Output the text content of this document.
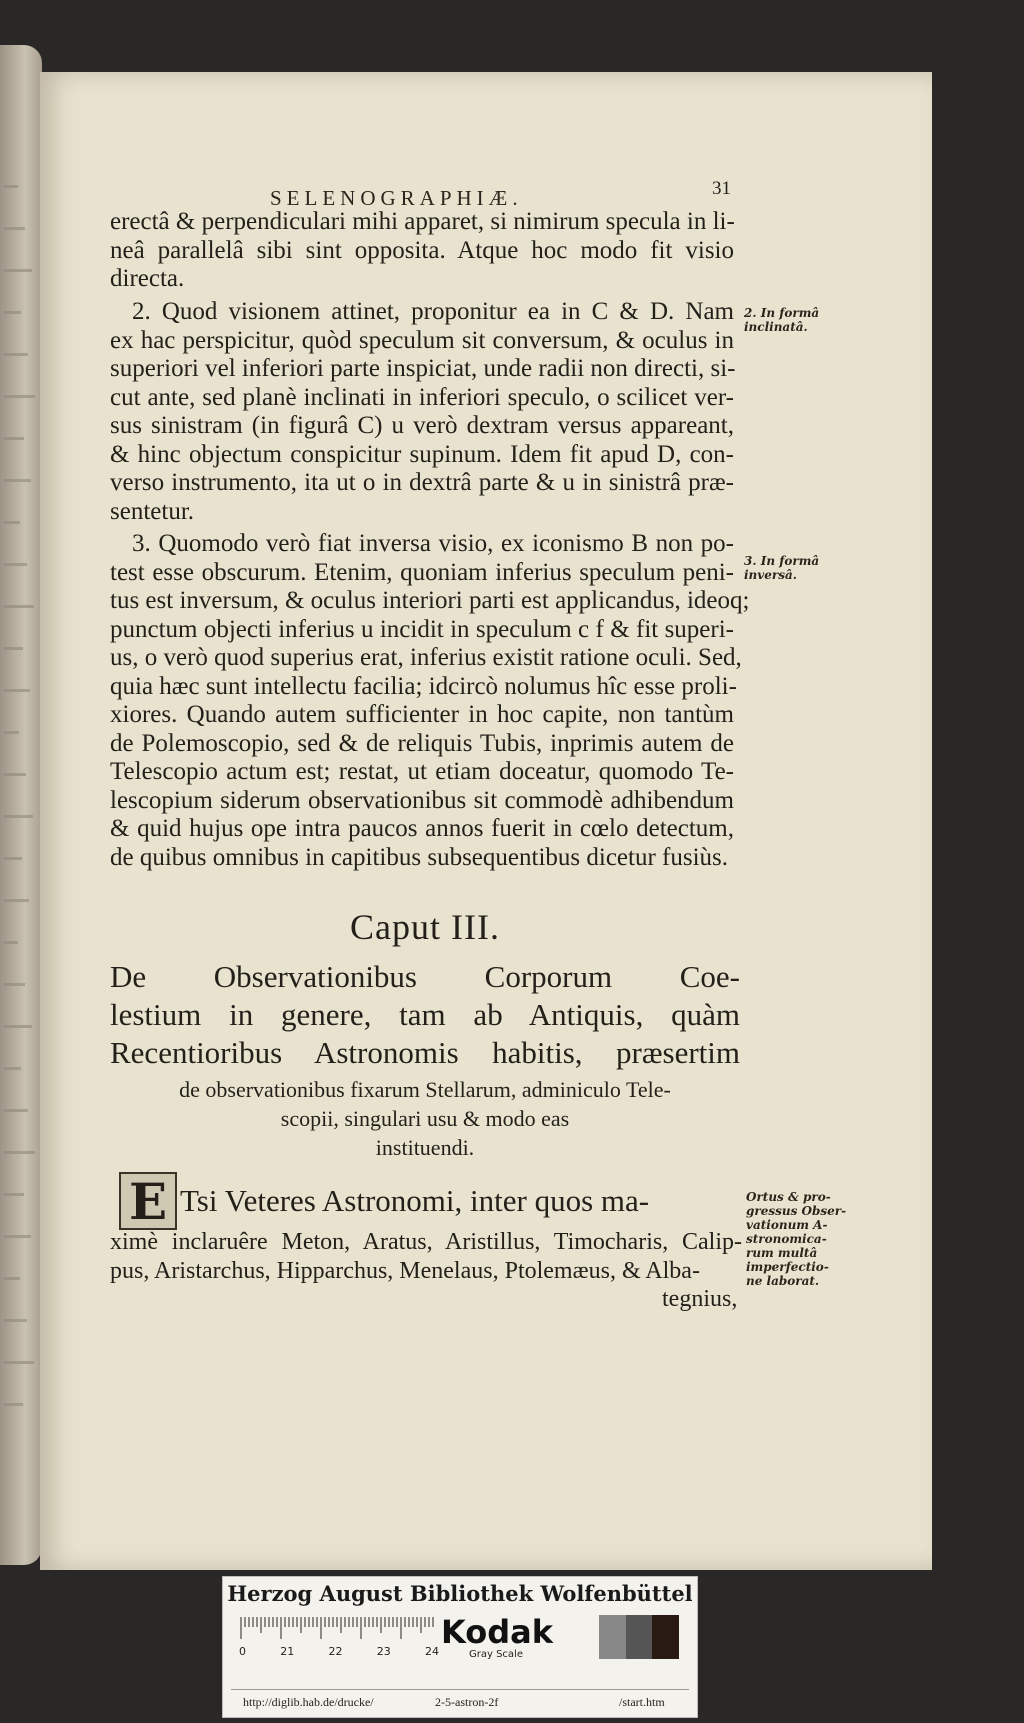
SELENOGRAPHIÆ.	31
erectâ & perpendiculari mihi apparet, si nimirum specula in li-
neâ parallelâ sibi sint opposita. Atque hoc modo fit visio
directa.
2. Quod visionem attinet, proponitur ea in C & D. Nam
ex hac perspicitur, quòd speculum sit conversum, & oculus in
superiori vel inferiori parte inspiciat, unde radii non directi, si-
cut ante, sed planè inclinati in inferiori speculo, o scilicet ver-
sus sinistram (in figurâ C) u verò dextram versus appareant,
& hinc objectum conspicitur supinum. Idem fit apud D, con-
verso instrumento, ita ut o in dextrâ parte & u in sinistrâ præ-
sentetur.
3. Quomodo verò fiat inversa visio, ex iconismo B non po-
test esse obscurum. Etenim, quoniam inferius speculum peni-
tus est inversum, & oculus interiori parti est applicandus, ideoq;
punctum objecti inferius u incidit in speculum c f & fit superi-
us, o verò quod superius erat, inferius existit ratione oculi. Sed,
quia hæc sunt intellectu facilia; idcircò nolumus hîc esse proli-
xiores. Quando autem sufficienter in hoc capite, non tantùm
de Polemoscopio, sed & de reliquis Tubis, inprimis autem de
Telescopio actum est; restat, ut etiam doceatur, quomodo Te-
lescopium siderum observationibus sit commodè adhibendum
& quid hujus ope intra paucos annos fuerit in cœlo detectum,
de quibus omnibus in capitibus subsequentibus dicetur fusiùs.
2. In formâ
inclinatâ.
3. In formâ
inversâ.
Ortus & pro-
gressus Obser-
vationum A-
stronomica-
rum multâ
imperfectio-
ne laborat.
Caput III.
De Observationibus Corporum Coe-
lestium in genere, tam ab Antiquis, quàm
Recentioribus Astronomis habitis, præsertim
de observationibus fixarum Stellarum, adminiculo Tele-
scopii, singulari usu & modo eas
instituendi.
E Tsi Veteres Astronomi, inter quos ma-
ximè inclaruêre Meton, Aratus, Aristillus, Timocharis, Calip-
pus, Aristarchus, Hipparchus, Menelaus, Ptolemæus, & Alba-
tegnius,
Herzog August Bibliothek Wolfenbüttel
0	21	22	23	24
Kodak
Gray Scale
http://diglib.hab.de/drucke/	2-5-astron-2f	/start.htm
